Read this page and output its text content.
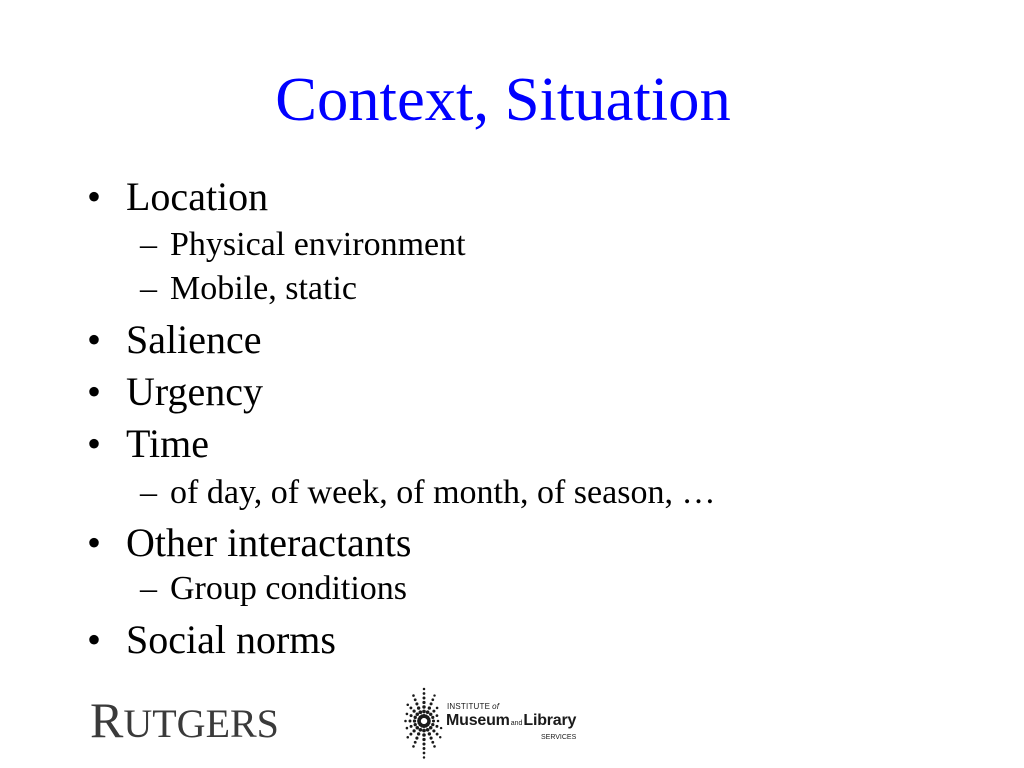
Context, Situation
• Location
– Physical environment
– Mobile, static
• Salience
• Urgency
• Time
– of day, of week, of month, of season, …
• Other interactants
– Group conditions
• Social norms
R UTGERS	INSTITUTE of
Museum and Library
SERVICES
